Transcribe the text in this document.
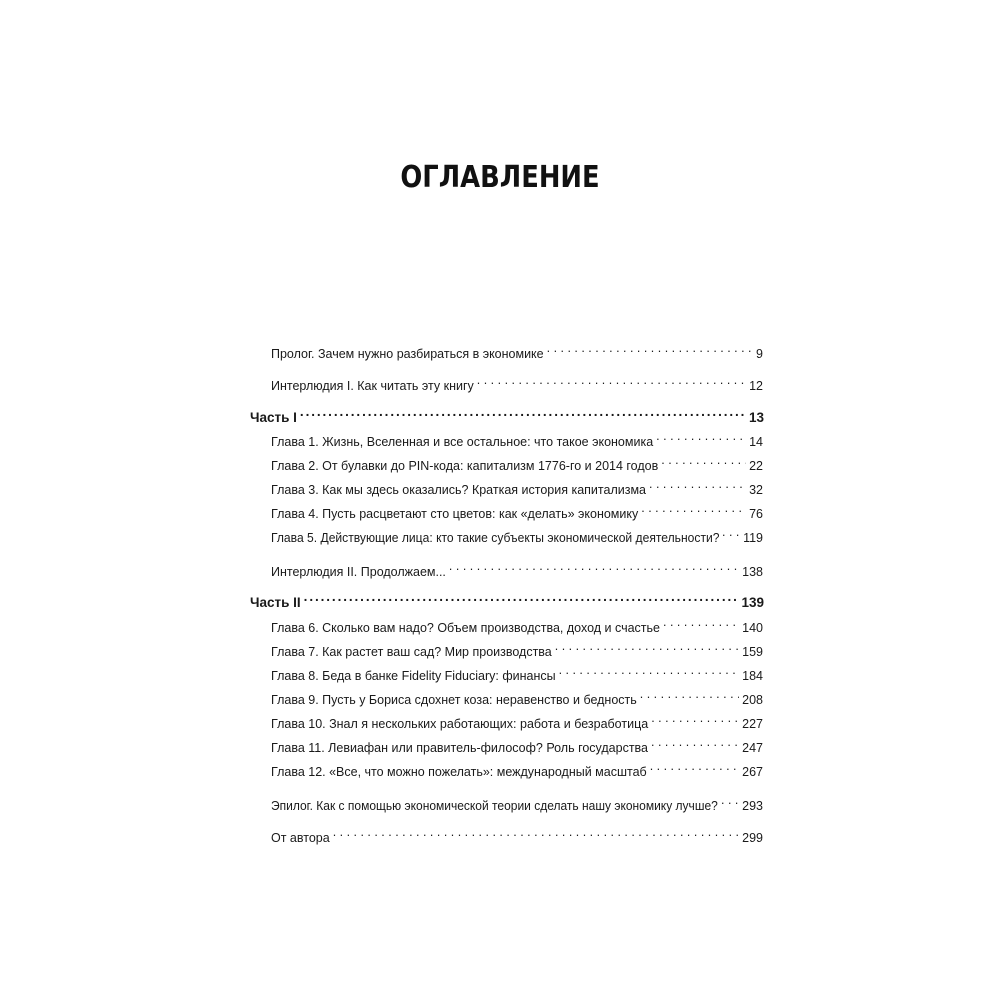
ОГЛАВЛЕНИЕ
Пролог. Зачем нужно разбираться в экономике . . .	9
Интерлюдия I. Как читать эту книгу . . .	12
Часть I .....	13
Глава 1. Жизнь, Вселенная и все остальное: что такое экономика . . .	14
Глава 2. От булавки до PIN-кода: капитализм 1776-го и 2014 годов . . .	22
Глава 3. Как мы здесь оказались? Краткая история капитализма . . .	32
Глава 4. Пусть расцветают сто цветов: как «делать» экономику . . .	76
Глава 5. Действующие лица: кто такие субъекты экономической деятельности? . . . 119
Интерлюдия II. Продолжаем... . . .	138
Часть II .....	139
Глава 6. Сколько вам надо? Объем производства, доход и счастье . . .	140
Глава 7. Как растет ваш сад? Мир производства . . .	159
Глава 8. Беда в банке Fidelity Fiduciary: финансы . . .	184
Глава 9. Пусть у Бориса сдохнет коза: неравенство и бедность . . .	208
Глава 10. Знал я нескольких работающих: работа и безработица . . .	227
Глава 11. Левиафан или правитель-философ? Роль государства . . .	247
Глава 12. «Все, что можно пожелать»: международный масштаб . . .	267
Эпилог. Как с помощью экономической теории сделать нашу экономику лучше? . . . 293
От автора . . .	299
